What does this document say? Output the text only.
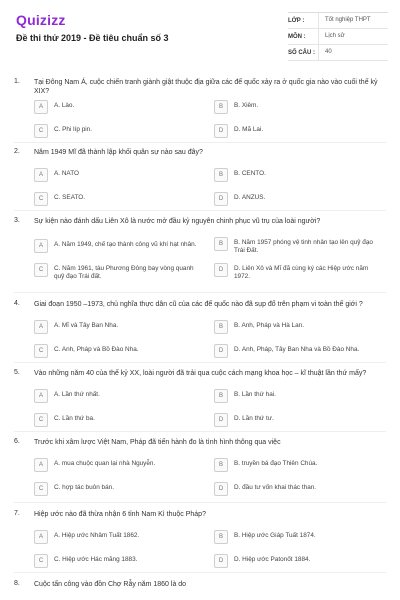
Quizizz
Đề thi thử 2019 - Đề tiêu chuẩn số 3
LỚP :	Tốt nghiệp THPT
MÔN :	Lịch sử
SỐ CÂU :	40
1. Tại Đông Nam Á, cuộc chiến tranh giành giật thuộc địa giữa các đế quốc xảy ra ở quốc gia nào vào cuối thế kỷ XIX?
A	A. Lào.	B	B. Xiêm.
C	C. Phi líp pin.	D	D. Mã Lai.
2. Năm 1949 Mĩ đã thành lập khối quân sự nào sau đây?
A	A. NATO	B	B. CENTO.
C	C. SEATO.	D	D. ANZUS.
3. Sự kiện nào đánh dấu Liên Xô là nước mở đầu kỷ nguyên chinh phục vũ trụ của loài người?
A	A. Năm 1949, chế tạo thành công vũ khí hạt nhân.	B	B. Năm 1957 phóng vệ tinh nhân tạo lên quỹ đạo Trái Đất.
C	C. Năm 1961, tàu Phương Đông bay vòng quanh quỹ đạo Trái đất.
D	D. Liên Xô và Mĩ đã cùng ký các Hiệp ước năm 1972.
4. Giai đoạn 1950 –1973, chủ nghĩa thực dân cũ của các đế quốc nào đã sụp đổ trên phạm vi toàn thế giới ?
A	A. Mĩ và Tây Ban Nha.	B	B. Anh, Pháp và Hà Lan.
C	C. Anh, Pháp và Bồ Đào Nha.	D	D. Anh, Pháp, Tây Ban Nha và Bồ Đào Nha.
5. Vào những năm 40 của thế kỷ XX, loài người đã trải qua cuộc cách mạng khoa học – kĩ thuật lần thứ mấy?
A	A. Lần thứ nhất.	B	B. Lần thứ hai.
C	C. Lần thứ ba.	D	D. Lần thứ tư.
6. Trước khi xâm lược Việt Nam, Pháp đã tiến hành đo là tình hình thông qua việc
A	A. mua chuộc quan lại nhà Nguyễn.	B	B. truyền bá đạo Thiên Chúa.
C	C. hợp tác buôn bán.	D	D. đầu tư vốn khai thác than.
7. Hiệp ước nào đã thừa nhận 6 tỉnh Nam Kì thuộc Pháp?
A	A. Hiệp ước Nhâm Tuất 1862.	B	B. Hiệp ước Giáp Tuất 1874.
C	C. Hiệp ước Hác măng 1883.	D	D. Hiệp ước Patonốt 1884.
8. Cuộc tấn công vào đồn Chợ Rẫy năm 1860 là do
